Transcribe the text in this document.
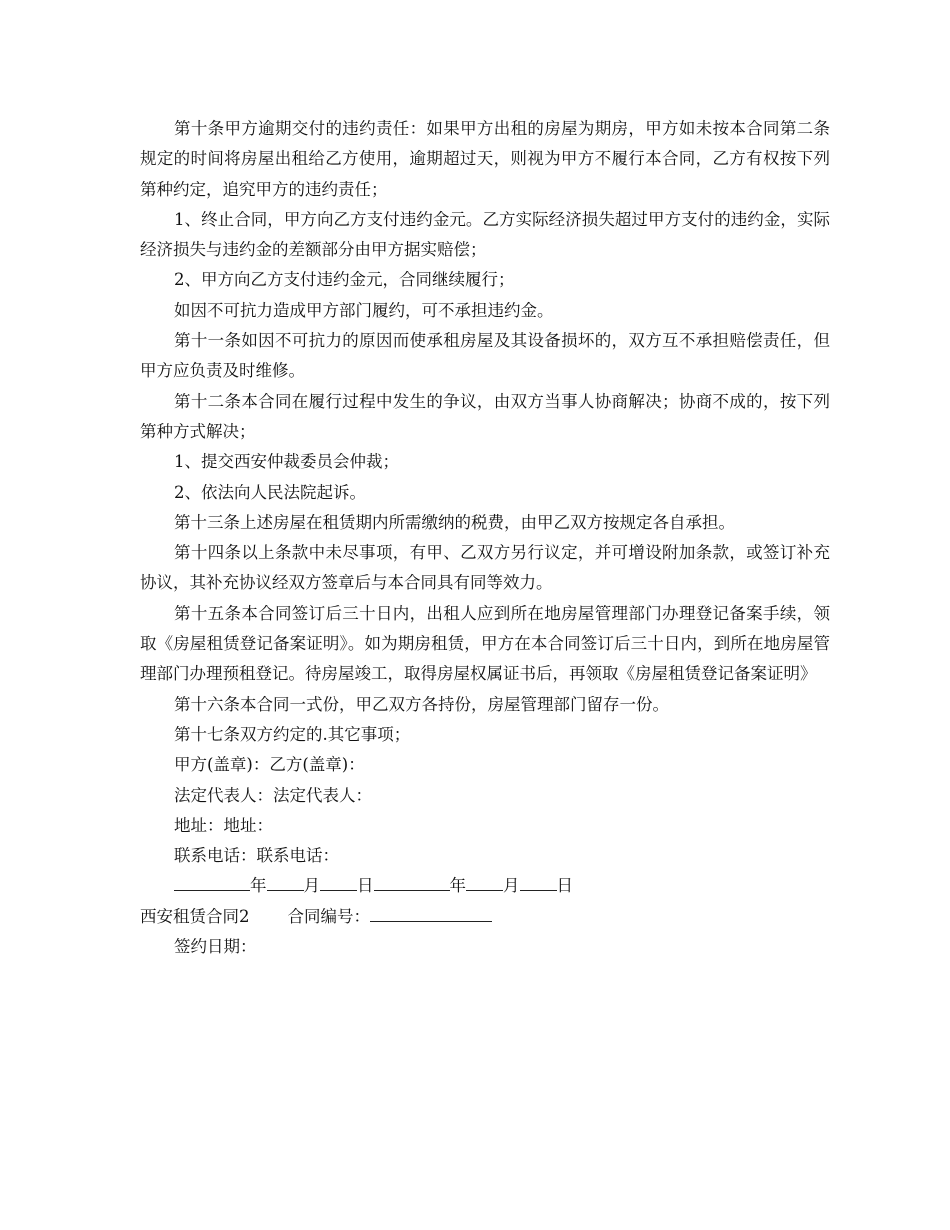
第十条甲方逾期交付的违约责任：如果甲方出租的房屋为期房，甲方如未按本合同第二条规定的时间将房屋出租给乙方使用，逾期超过天，则视为甲方不履行本合同，乙方有权按下列第种约定，追究甲方的违约责任；

1、终止合同，甲方向乙方支付违约金元。乙方实际经济损失超过甲方支付的违约金，实际经济损失与违约金的差额部分由甲方据实赔偿；

2、甲方向乙方支付违约金元，合同继续履行；

如因不可抗力造成甲方部门履约，可不承担违约金。

第十一条如因不可抗力的原因而使承租房屋及其设备损坏的，双方互不承担赔偿责任，但甲方应负责及时维修。

第十二条本合同在履行过程中发生的争议，由双方当事人协商解决；协商不成的，按下列第种方式解决；

1、提交西安仲裁委员会仲裁；

2、依法向人民法院起诉。

第十三条上述房屋在租赁期内所需缴纳的税费，由甲乙双方按规定各自承担。

第十四条以上条款中未尽事项，有甲、乙双方另行议定，并可增设附加条款，或签订补充协议，其补充协议经双方签章后与本合同具有同等效力。

第十五条本合同签订后三十日内，出租人应到所在地房屋管理部门办理登记备案手续，领取《房屋租赁登记备案证明》。如为期房租赁，甲方在本合同签订后三十日内，到所在地房屋管理部门办理预租登记。待房屋竣工，取得房屋权属证书后，再领取《房屋租赁登记备案证明》

第十六条本合同一式份，甲乙双方各持份，房屋管理部门留存一份。

第十七条双方约定的.其它事项；

甲方(盖章)：乙方(盖章)：

法定代表人：法定代表人：

地址：地址：

联系电话：联系电话：

年 月 日	年 月 日

西安租赁合同2 合同编号：

签约日期：
